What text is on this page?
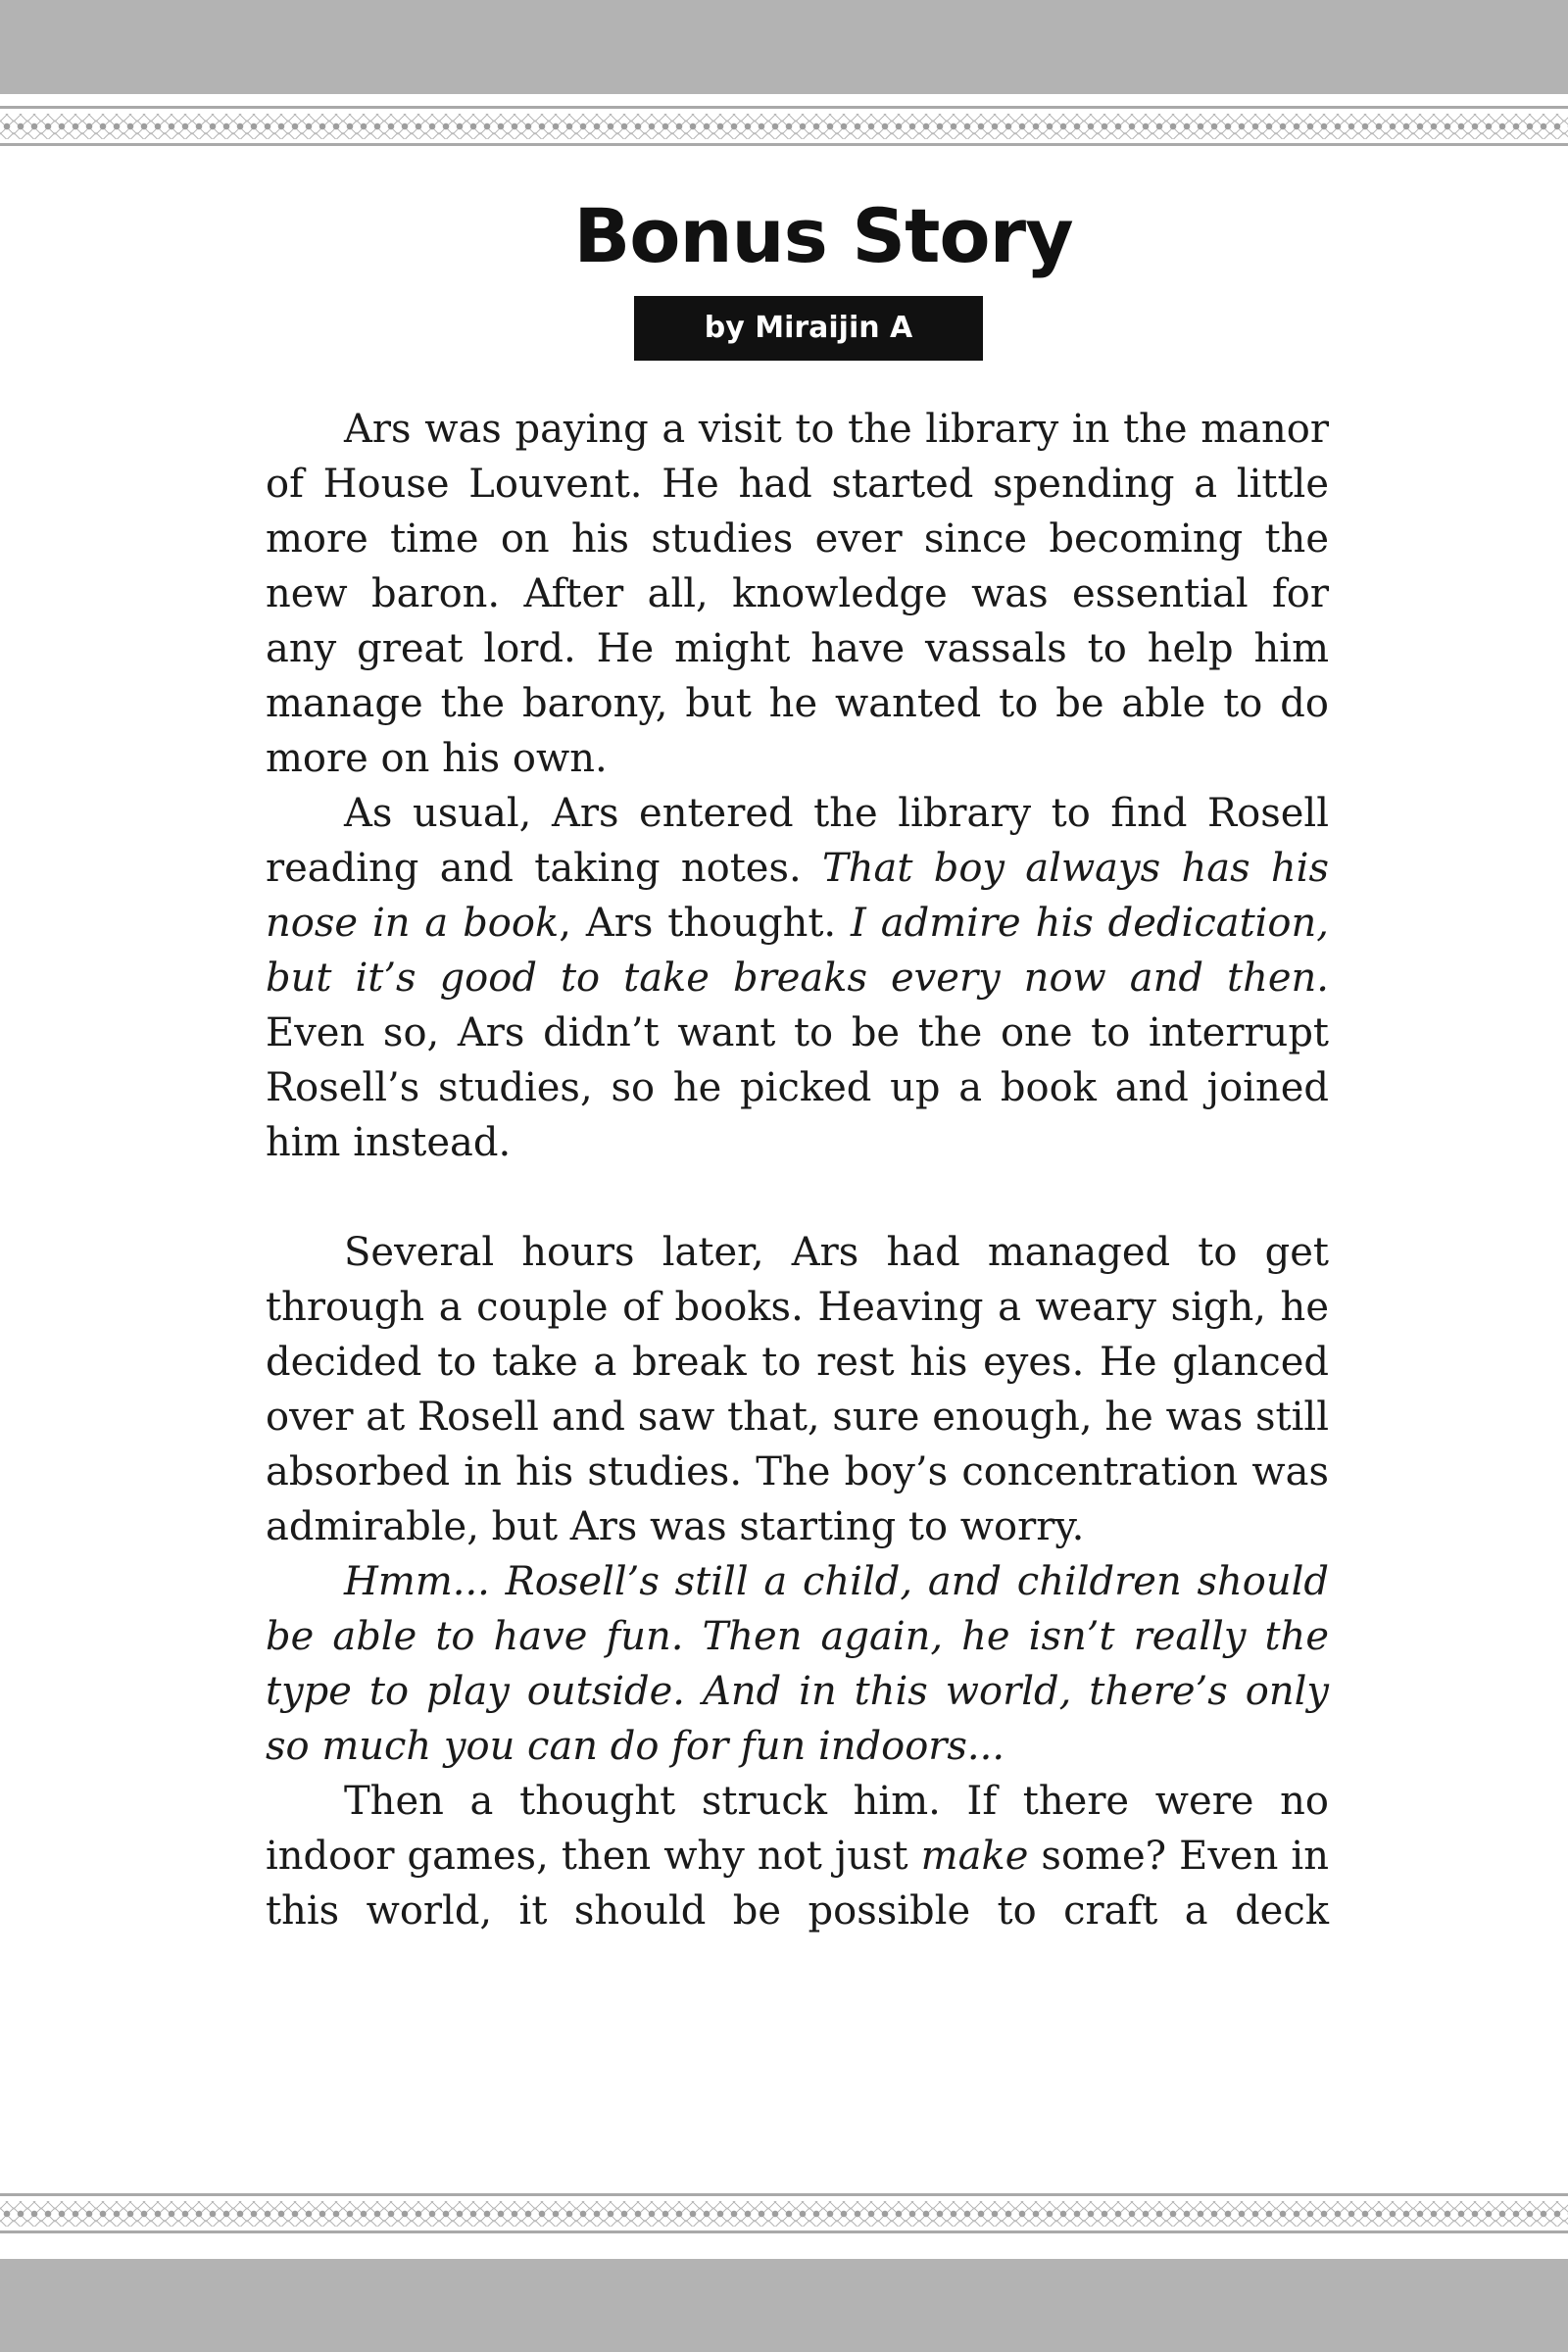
Bonus Story
by Miraijin A

Ars was paying a visit to the library in the manor of House Louvent. He had started spending a little more time on his studies ever since becoming the new baron. After all, knowledge was essential for any great lord. He might have vassals to help him manage the barony, but he wanted to be able to do more on his own.

As usual, Ars entered the library to find Rosell reading and taking notes. That boy always has his nose in a book, Ars thought. I admire his dedication, but it’s good to take breaks every now and then. Even so, Ars didn’t want to be the one to interrupt Rosell’s studies, so he picked up a book and joined him instead.

Several hours later, Ars had managed to get through a couple of books. Heaving a weary sigh, he decided to take a break to rest his eyes. He glanced over at Rosell and saw that, sure enough, he was still absorbed in his studies. The boy’s concentration was admirable, but Ars was starting to worry.

Hmm... Rosell’s still a child, and children should be able to have fun. Then again, he isn’t really the type to play outside. And in this world, there’s only so much you can do for fun indoors...

Then a thought struck him. If there were no indoor games, then why not just make some? Even in this world, it should be possible to craft a deck
